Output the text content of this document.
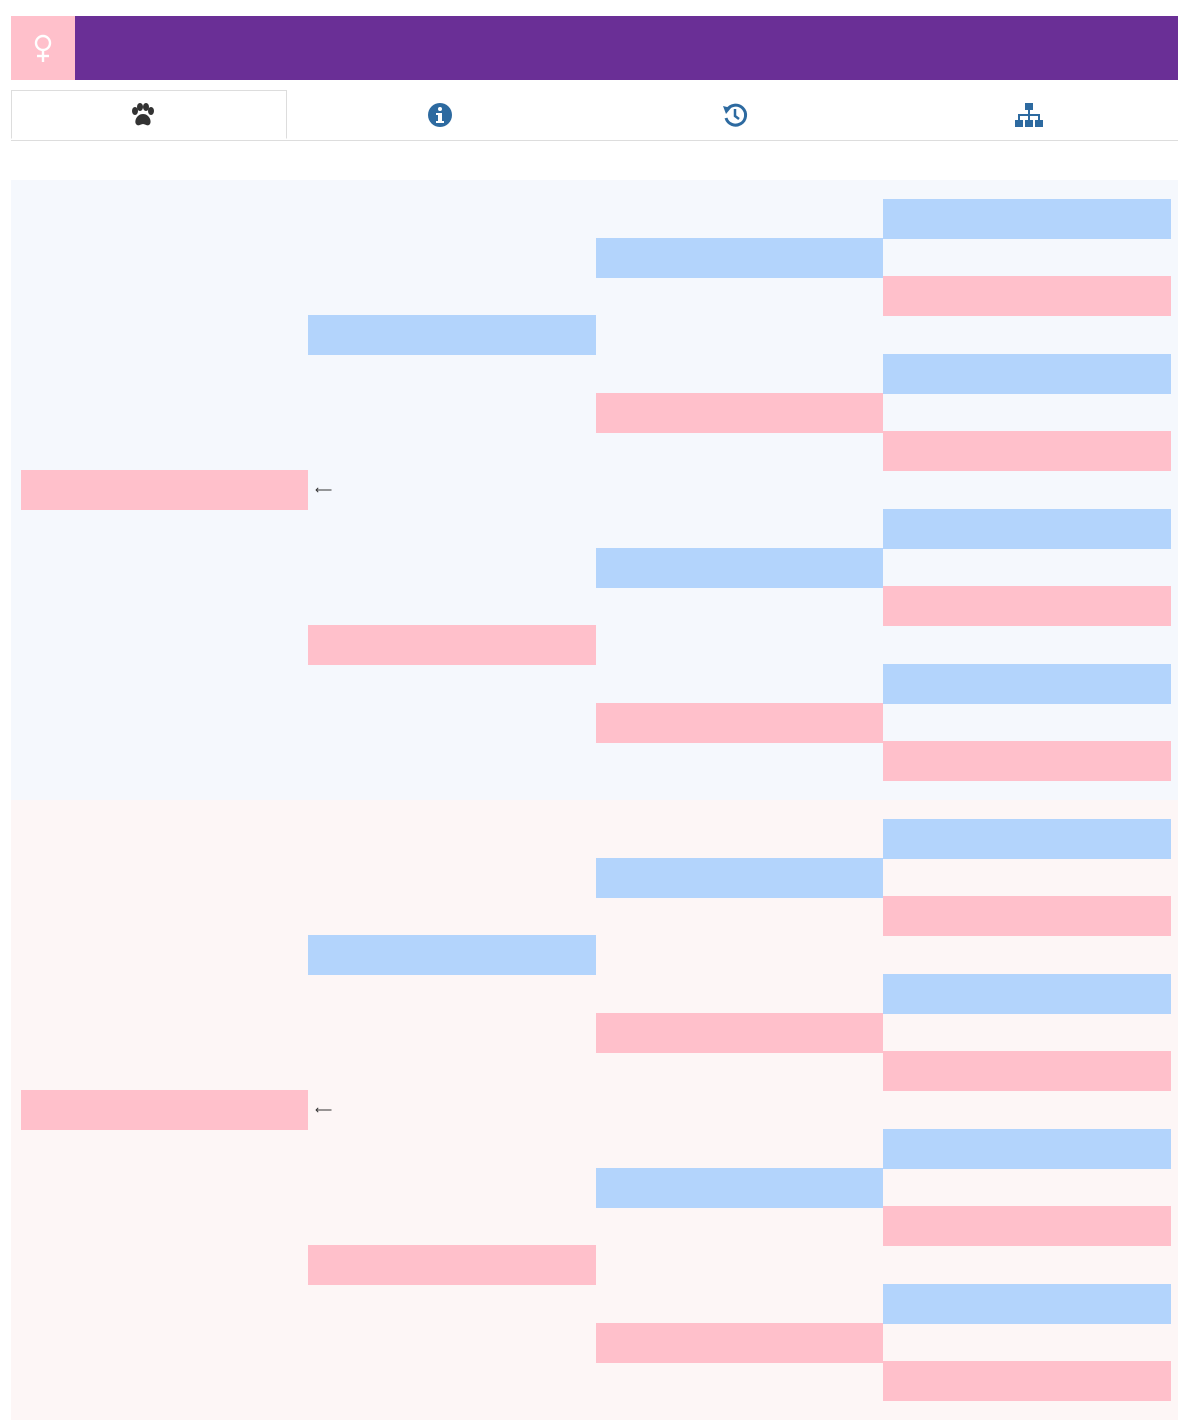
⟵
⟵
